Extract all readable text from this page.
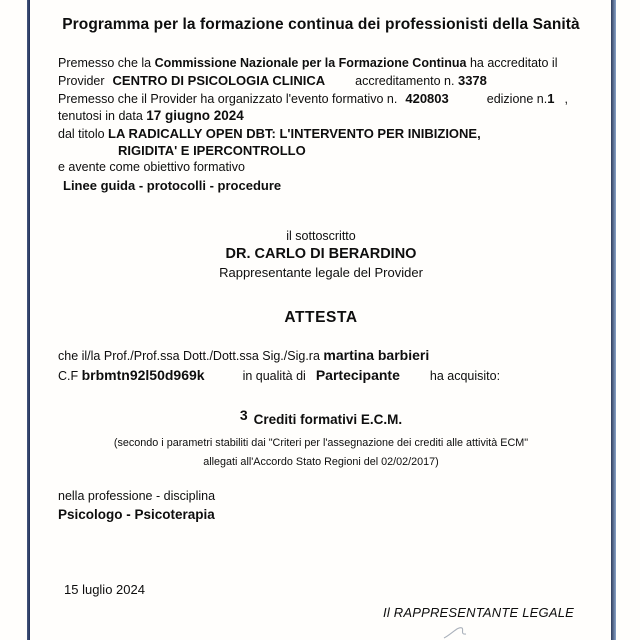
Programma per la formazione continua dei professionisti della Sanità
Premesso che la Commissione Nazionale per la Formazione Continua ha accreditato il
Provider CENTRO DI PSICOLOGIA CLINICA accreditamento n. 3378
Premesso che il Provider ha organizzato l'evento formativo n. 420803	edizione n.1 ,
tenutosi in data 17 giugno 2024
dal titolo LA RADICALLY OPEN DBT: L'INTERVENTO PER INIBIZIONE,
RIGIDITA' E IPERCONTROLLO
e avente come obiettivo formativo
Linee guida - protocolli - procedure
il sottoscritto
DR. CARLO DI BERARDINO
Rappresentante legale del Provider
ATTESTA
che il/la Prof./Prof.ssa Dott./Dott.ssa Sig./Sig.ra martina barbieri
C.F brbmtn92l50d969k	in qualità di Partecipante ha acquisito:
3 Crediti formativi E.C.M.
(secondo i parametri stabiliti dai "Criteri per l'assegnazione dei crediti alle attività ECM"
allegati all'Accordo Stato Regioni del 02/02/2017)
nella professione - disciplina
Psicologo - Psicoterapia
15 luglio 2024
Il RAPPRESENTANTE LEGALE
